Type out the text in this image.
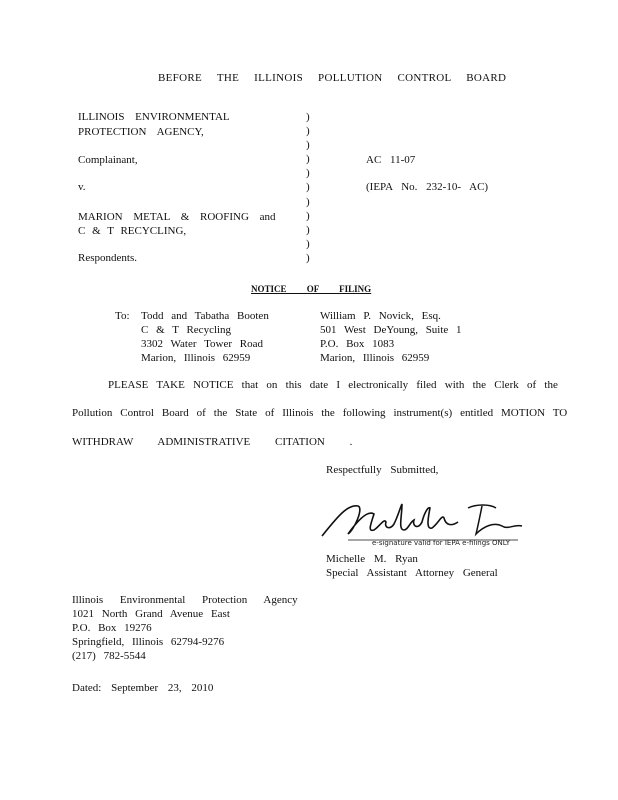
BEFORE THE ILLINOIS POLLUTION CONTROL BOARD
ILLINOIS ENVIRONMENTAL
PROTECTION AGENCY,
Complainant,
v.
MARION METAL & ROOFING and
C & T RECYCLING,
Respondents.
)
)
)
)
)
)
)
)
)
)
)
AC 11-07
(IEPA No. 232-10- AC)
NOTICE OF FILING
To: Todd and Tabatha Booten
C & T Recycling
3302 Water Tower Road
Marion, Illinois 62959
William P. Novick, Esq.
501 West DeYoung, Suite 1
P.O. Box 1083
Marion, Illinois 62959
PLEASE TAKE NOTICE that on this date I electronically filed with the Clerk of the
Pollution Control Board of the State of Illinois the following instrument(s) entitled MOTION TO
WITHDRAW ADMINISTRATIVE CITATION .
Respectfully Submitted,
e-signature valid for IEPA e-filings ONLY
Michelle M. Ryan
Special Assistant Attorney General
Illinois Environmental Protection Agency
1021 North Grand Avenue East
P.O. Box 19276
Springfield, Illinois 62794-9276
(217) 782-5544
Dated: September 23, 2010
